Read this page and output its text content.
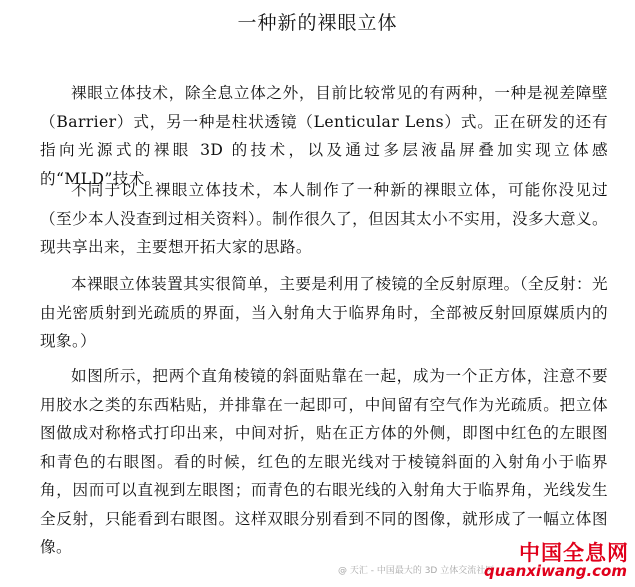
一种新的裸眼立体

裸眼立体技术，除全息立体之外，目前比较常见的有两种，一种是视差障壁（Barrier）式，另一种是柱状透镜（Lenticular Lens）式。正在研发的还有指向光源式的裸眼 3D 的技术，以及通过多层液晶屏叠加实现立体感的“MLD”技术。

不同于以上裸眼立体技术，本人制作了一种新的裸眼立体，可能你没见过（至少本人没查到过相关资料）。制作很久了，但因其太小不实用，没多大意义。现共享出来，主要想开拓大家的思路。

本裸眼立体装置其实很简单，主要是利用了棱镜的全反射原理。（全反射：光由光密质射到光疏质的界面，当入射角大于临界角时，全部被反射回原媒质内的现象。）

如图所示，把两个直角棱镜的斜面贴靠在一起，成为一个正方体，注意不要用胶水之类的东西粘贴，并排靠在一起即可，中间留有空气作为光疏质。把立体图做成对称格式打印出来，中间对折，贴在正方体的外侧，即图中红色的左眼图和青色的右眼图。看的时候，红色的左眼光线对于棱镜斜面的入射角小于临界角，因而可以直视到左眼图；而青色的右眼光线的入射角大于临界角，光线发生全反射，只能看到右眼图。这样双眼分别看到不同的图像，就形成了一幅立体图像。

@ 天汇 - 中国最大的 3D 立体交流社区
中国全息网
quanxiwang.com
